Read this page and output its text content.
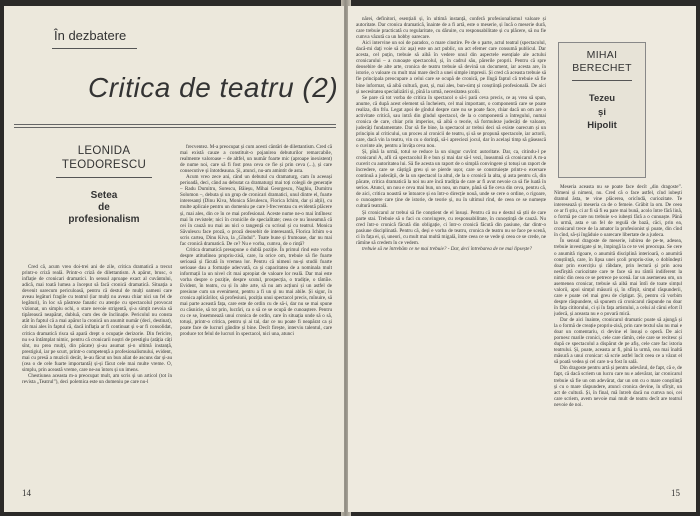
În dezbatere
Critica de teatru (2)
LEONIDA
TEODORESCU
Setea
de
profesionalism

Cred că, acum vreo doi-trei ani de zile, critica dramatică a trecut printr-o criză reală. Printr-o criză de dilettantism. A apărut, brusc, o inflație de cronicari dramatici. In sensul aproape exact al cuvântului, adică, mai toată lumea a început să facă cronică dramatică. Situația a devenit oarecum periculoasă, pentru că destul de mulți oameni care aveau legături fragile cu teatrul (iar mulți nu aveau chiar nici un fel de legături), în loc să păstreze fanatic cu atenție cu spectacolul provocat vizionat, un simplu ochi, o stare nevoie strigentă, și-a simțit nevoia să tipărească neapărat, dubluă, cum des de înclinație. Pericolul nu consta atât în faptul că a mai apărut la cronică un anumit număr (deci, destinat), cât mai ales în faptul că, dacă inflația ar fi continuat și s-ar fi consolidat, critica dramatică risca să apară drept o ocupație derizorie. Din fericire, nu s-a întâmplat nimic, pentru că cronicarii noștri de prestigiu (atâția câți sînt, nu prea mulți, din păcate) și-au asumat și-n ultimă instanță, prestigiul, iar pe scurt, printr-o competență a profesionalismului, evident, mai cu presă a muzicii decât, le-au făcut un bun aliat de ascuns dar și-au (cea o de cele fuarte importantă) și-și făcut cele mai multe vreme. O, simplu, prin această vreme, care ne-au întors și un imens.

Chestiunea aceasta m-a preocupat mult, am scris și un articol (tot în revista „Teatrul”), deci polemica este un domeniu pe care nu-l

frecventez. M-a preocupat și cum acesti cântări de dilettantism. Cred că mai există cauze a constituit-o pojanirea debuturilor remarcabile, realmente valoroase – de altfel, un număr foarte mic (aproape inexistent) de nume noi, care să fi fost prea ceva ce fie și prin ceva (...), și care consecutive și întotdeauna. Și, atunci, nu-am amintit de asta.

Acum vreo zece ani, când un debutul cu dramaturg, cam în aceeași perioadă, deci, când au debutat ca dramaturgi mai toți colegii de generație – Radu Dumitru, Sorescu, Băieșu, Mihai Georgescu, Naghiu, Dumitru Solomon –, debuta și un grup de cronicari dramatici, unul dintre el, foarte interesanți (Dinu Kiva, Monica Săvulescu, Florica Ichim, dar și alții), cu multe aplicaie pentru un domeniu pe care l-frecventau cu evidentă plăcere și, mai ales, din ce în ce mai profesional. Aceste nume ne-o mai întîlnesc mai în revistele; nici în cronicile de specialitate; ceea ce nu înseamnă că cei în cauză nu mai au nici o tangență cu scrisul și cu teatrul. Monica Săvulescu face proză, o proză deosebit de interesantă, Florica Ichim s-a scris cartea, Dinu Kiva, la „Gîndul”. Toate bune și frumoase, dar nu mai fac cronică dramatică. De ce? Nu e vorba, cumva, de o rință?

Critica dramatică presupune o dublă poziție. În primul rînd este vorba despre atitudinea propriu-zisă, care, la orice om, trebuie să fie foarte serioasă și făcută în vremea lor. Pentru că nimeni nu-și studii foarte serioase dau a formație adecvată, ca și capacitatea de a nominala mult informații la un nivel cît mai apropiat de valoare lor reală. Dar mai este vorba despre o poziție, despre scutul, prospecția, o tradiție, o tămîie. Evident, în teatru, cu și în alte arte, să nu am acțiuni și un astfel de presiune cum un eveniment, pentru a fi un și nu mai abile. Și sigur, în cronica aplicărilor, să profesiuni, poziția unui spectacol precis, mînuire, să mai parte această fața, care este de ordin cu de să-i, dar nu se mai spune cu căsnicie, să tot prin, lucrări, ca o să ce se ocupă de cunoaștere. Pentru cu ce se, însemnează unui cronica de ordin, care în situația unde să o să, totuși, printr-o critica, pentru și ai tal, dar ce nu poate fi neapărat ca și poate face de lucruri gândite și bine. Decît firește, interviu talentul, care produce tot felul de lucruri în spectacol, nici una, atunci

14

nărei, definitori, esențiali și, în ultimă instanță, conferă profesionalismul valoare și autoritate. Dar cronica dramatică, înainte de a fi artă, este o meserie, și încă o meserie dură, care trebuie practicată cu regularitate, cu dăruire, cu responsabilitate și cu plăcere, să nu fie cumva văzută ca un hobby oarecare.

Aici intervine un soi de paradox, o mare cinstire. Pe de o parte, actul teatral (spectacolul, dacă-mi daţi voie să zic așa) este un act public, un act efemer care consumă publicul. Dar acesta, cel puțin, trebuie să aibă în vedere unul din aspectele esențiale ale actului cronicarului – a cunoaște spectacolul, și, în cadrul său, părerile proprii. Pentru că spre deosebire de alte arte, cronica de teatru trebuie să devină un document, iar acesta are, în istorie, o valoare cu mult mai mare decît a unei simple impresii. Și cred că aceasta trebuie să fie principala preocupare a celui care se ocupă de cronică, pe lîngă faptul că trebuie să fie bine informat, să aibă cultură, gust, și, mai ales, bun-simț și conștiință profesională. De aici și necesitatea specializării și, pînă la urmă, necesitatea școlii.

Se pare că tot vorba de critica în spectacol o să-i pară ceva precis, ce aș vrea să spun, anume, că după acest element să încheiem, cel mai important, o componentă care se poate realiza, din frîu. Legat apoi de gîndul despre care nu se poate face, chiar dacă un om are o activitate critică, sau intră din gîndul spectacol, de la o componentă a întregului, numai cronica de care, chiar prin imperios, să aibă o teorie, să formuleze judecăți de valoare, judecăți fundamentate. Dar să fie bine, la spectacol ar trebui deci să existe oarecum și un principiu al criticului, un proces al cronicii de teatru, și să se propună spectacole, iar actorii, care, dacă vin la teatru, vin cu o dorință, să-i apreciezi jocul, dar în același timp să găsească o cuvinte ale, pentru a învăța ceva nou.

Și, pînă la urmă, totul se reduce la un singur cuvînt: autoritate. Dar, ca, citindu-l pe cronicarul A, afli că spectacolul B e bun și mai dar să-l vezi, înseamnă că cronicarul A m-a cucerit cu autoritatea lui. Să fie acesta un raport de o simplă convingere și totuși un raport de încredere, care se câștigă greu și se pierde ușor, care se construiește printr-o exersare continuă a judecății, de la un spectacol la altul, de la o cronică la alta, și asta pentru că, din păcate, critica dramatică la noi nu are încă tradiția de care ar fi avut nevoie ca să fie luată în serios. Atunci, un nou e ceva mai bun, un nou, un mare, până să fie ceva din ceva, pentru că, de aici, critica noastră se întoarce și ea într-o direcție nouă, unde se cere o ordine, o rigoare, o cunoaștere care ține de istorie, de teorie și, nu în ultimul rînd, de ceea ce se numește cultură teatrală.

Și cronicarul ar trebui să fie conștient de el însuși. Pentru că nu e destul să știi de care parte stai. Trebuie să o faci cu convingere, cu responsabilitate, în cunoștință de cauză. Nu cred într-o cronică făcută din obligație, ci într-o cronică făcută din pasiune, dar dintr-o pasiune disciplinată. Pentru că, deși e vorba de teatru, cronica de teatru nu se face pe scenă, ci în fața ei, și, uneori, cu mult mai multă migală, între ceea ce se vede și ceea ce se crede, ne rămîne să credem în ce vedem.

trebuie să ne întrebăm ce ne mai trebuie? - Dar, deci întrebarea de ne mai lipsește?

MIHAI
BERECHET
Tezeu
și
Hipolit

Meseria aceasta nu se poate face decît „din dragoste”. Nimeni și nimeni, nu. Cred că o face astfel, cînd iubești dramul ăsta, te vine plăcerea, oricîndă, curiozitate. Te interesează și meseria ca de o femeie. Grăbit la om. De ceea ce ar fi știu, ci ar fi să fi ea pare mai bună, acolo între fără lină, o formă pe care nu trebuie s-o iubești fără a o cunoaște. Până la urmă, asta e un fel de regulă de bază, căci, prin ea, cronicarul trece de la amator la profesionist și poate, din cînd în cînd, să-și îngăduie o oarecare libertate de a judeca.

În sensul dragoste de meserie, iubirea de pe-te, adesea, trebuie investigate și te, împingă la ce te vei preocupa. Se cere o anumită rigoare, o anumită disciplină interioară, o anumită conștiință, care, în lipsa unei școli propriu-zise, o dobîndești doar prin exercițiu și răbdare, prin lectură și prin acea nesfîrșită curiozitate care te face să nu rămîi indiferent la nimic din ceea ce se petrece pe scenă. Iar un asemenea om, un asemenea cronicar, trebuie să aibă mai întîi de toate simțul valorii, apoi simțul măsurii și, în sfîrșit, simțul răspunderii, care e poate cel mai greu de cîștigat. Și, pentru că vorbim despre răspundere, să spunem că cronicarul răspunde nu doar în fața cititorului, ci și în fața artistului, a celui al cărui efort îl judecă, și aceasta nu e o povară mică.

Dar de aici înainte, cronicarul dramatic poate să ajungă și la o formă de creație propriu-zisă, prin care textul său nu mai e doar un comentariu, ci devine el însuși o operă. De aici pornesc marile cronici, cele care rămîn, cele care se recitesc și după ce spectacolul a dispărut de pe afiș, cele care fac istoria teatrului. Și, poate, aceasta ar fi, pînă la urmă, cea mai înaltă măsură a unui cronicar: să scrie astfel încît ceea ce a văzut el să poată vedea și cel care n-a fost în sală.

Din dragoste pentru artă și pentru adevărul, de fapt, că e, de fapt, că dacă scriem un lucru care nu e adevărat, iar cronicarul trebuie să fie un om adevărat, dar un om cu o mare conștiință și cu o mare răspundere, atunci cronica devine, în sfîrșit, un act de cultură. Și, în final, mă întreb dacă nu cumva noi, cei care scriem, avem nevoie mai mult de teatru decît are teatrul nevoie de noi.

15
